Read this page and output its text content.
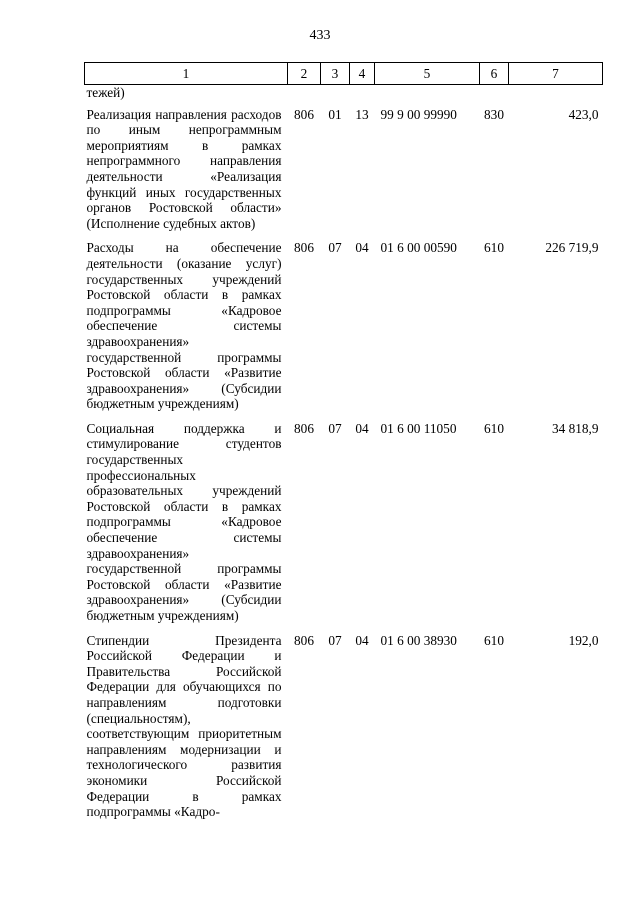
433
1	2	3	4	5	6	7
тежей)						
Реализация направления расходов по иным непрограммным мероприятиям в рамках непрограммного направления деятельности «Реализация функций иных государственных органов Ростовской области» (Исполнение судебных актов)	806	01	13	99 9 00 99990	830	423,0
Расходы на обеспечение деятельности (оказание услуг) государственных учреждений Ростовской области в рамках подпрограммы «Кадровое обеспечение системы здравоохранения» государственной программы Ростовской области «Развитие здравоохранения» (Субсидии бюджетным учреждениям)	806	07	04	01 6 00 00590	610	226 719,9
Социальная поддержка и стимулирование студентов государственных профессиональных образовательных учреждений Ростовской области в рамках подпрограммы «Кадровое обеспечение системы здравоохранения» государственной программы Ростовской области «Развитие здравоохранения» (Субсидии бюджетным учреждениям)	806	07	04	01 6 00 11050	610	34 818,9
Стипендии Президента Российской Федерации и Правительства Российской Федерации для обучающихся по направлениям подготовки (специальностям), соответствующим приоритетным направлениям модернизации и технологического развития экономики Российской Федерации в рамках подпрограммы «Кадро-	806	07	04	01 6 00 38930	610	192,0
